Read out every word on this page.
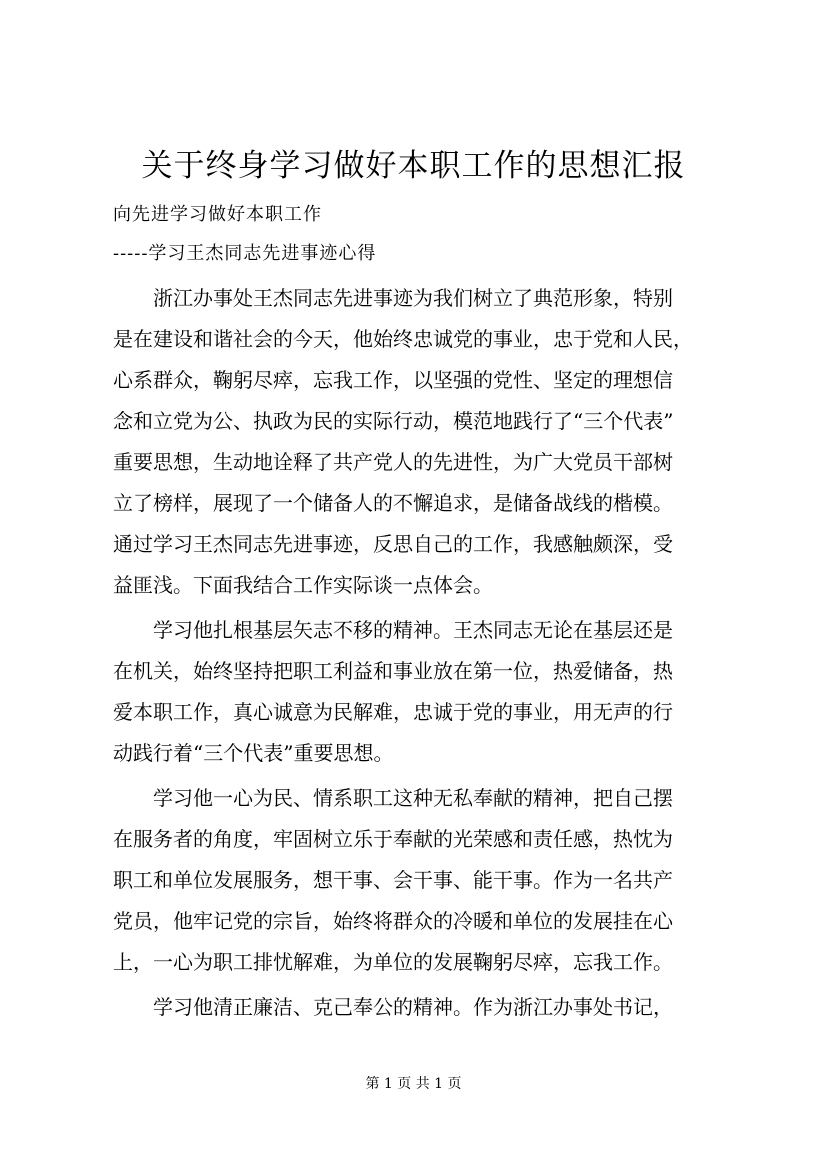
关于终身学习做好本职工作的思想汇报
向先进学习做好本职工作
-----学习王杰同志先进事迹心得
　　浙江办事处王杰同志先进事迹为我们树立了典范形象，特别
是在建设和谐社会的今天，他始终忠诚党的事业，忠于党和人民，
心系群众，鞠躬尽瘁，忘我工作，以坚强的党性、坚定的理想信
念和立党为公、执政为民的实际行动，模范地践行了“三个代表”
重要思想，生动地诠释了共产党人的先进性，为广大党员干部树
立了榜样，展现了一个储备人的不懈追求，是储备战线的楷模。
通过学习王杰同志先进事迹，反思自己的工作，我感触颇深，受
益匪浅。下面我结合工作实际谈一点体会。
　　学习他扎根基层矢志不移的精神。王杰同志无论在基层还是
在机关，始终坚持把职工利益和事业放在第一位，热爱储备，热
爱本职工作，真心诚意为民解难，忠诚于党的事业，用无声的行
动践行着“三个代表”重要思想。
　　学习他一心为民、情系职工这种无私奉献的精神，把自己摆
在服务者的角度，牢固树立乐于奉献的光荣感和责任感，热忱为
职工和单位发展服务，想干事、会干事、能干事。作为一名共产
党员，他牢记党的宗旨，始终将群众的冷暖和单位的发展挂在心
上，一心为职工排忧解难，为单位的发展鞠躬尽瘁，忘我工作。
　　学习他清正廉洁、克己奉公的精神。作为浙江办事处书记，
第 1 页 共 1 页
